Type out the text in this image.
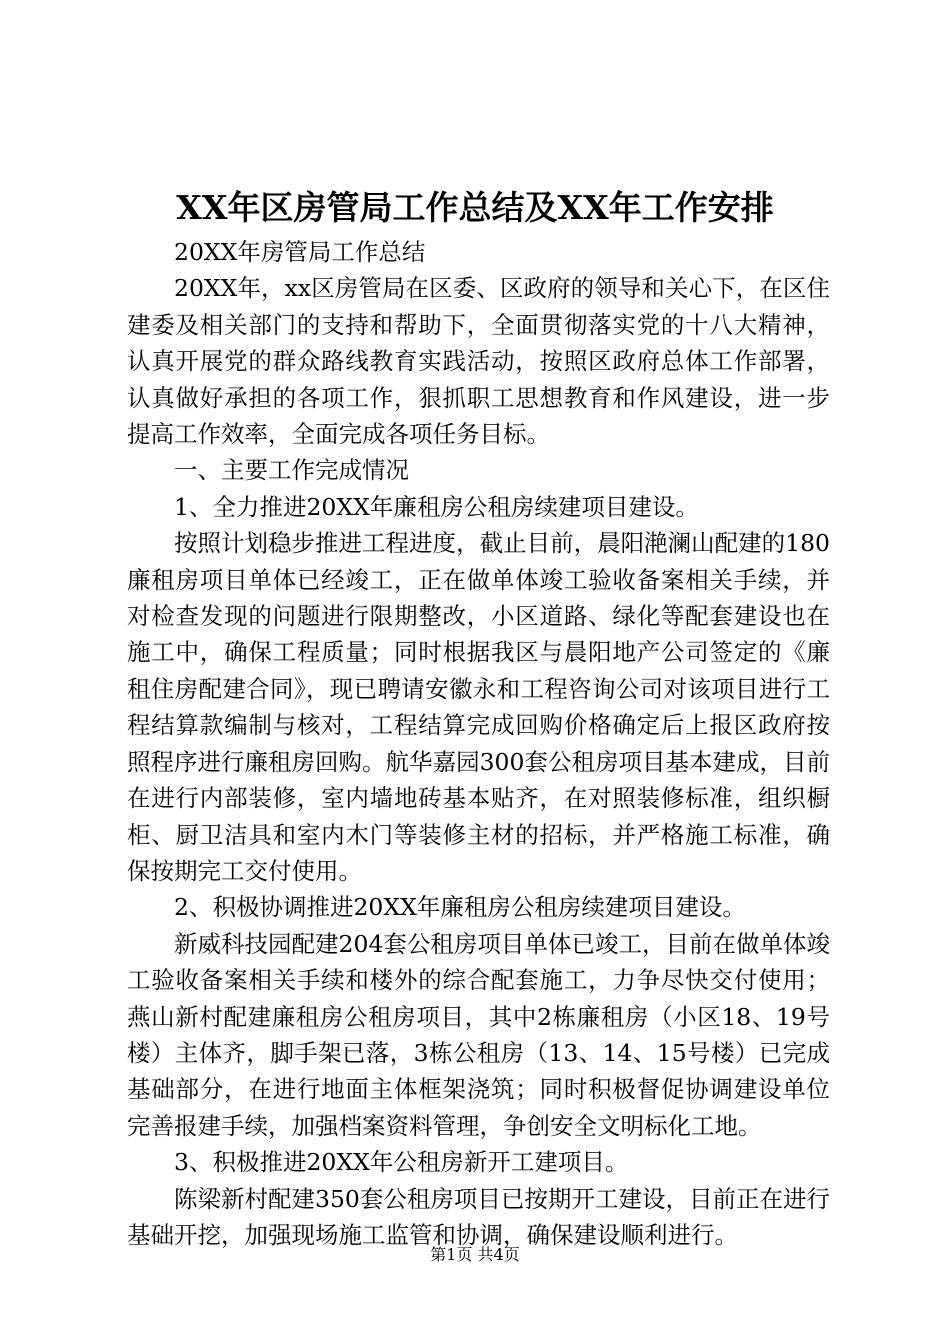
XX年区房管局工作总结及XX年工作安排

20XX年房管局工作总结

20XX年，xx区房管局在区委、区政府的领导和关心下，在区住建委及相关部门的支持和帮助下，全面贯彻落实党的十八大精神，认真开展党的群众路线教育实践活动，按照区政府总体工作部署，认真做好承担的各项工作，狠抓职工思想教育和作风建设，进一步提高工作效率，全面完成各项任务目标。

一、主要工作完成情况

1、全力推进20XX年廉租房公租房续建项目建设。

按照计划稳步推进工程进度，截止目前，晨阳滟澜山配建的180廉租房项目单体已经竣工，正在做单体竣工验收备案相关手续，并对检查发现的问题进行限期整改，小区道路、绿化等配套建设也在施工中，确保工程质量；同时根据我区与晨阳地产公司签定的《廉租住房配建合同》，现已聘请安徽永和工程咨询公司对该项目进行工程结算款编制与核对，工程结算完成回购价格确定后上报区政府按照程序进行廉租房回购。航华嘉园300套公租房项目基本建成，目前在进行内部装修，室内墙地砖基本贴齐，在对照装修标准，组织橱柜、厨卫洁具和室内木门等装修主材的招标，并严格施工标准，确保按期完工交付使用。

2、积极协调推进20XX年廉租房公租房续建项目建设。

新威科技园配建204套公租房项目单体已竣工，目前在做单体竣工验收备案相关手续和楼外的综合配套施工，力争尽快交付使用；燕山新村配建廉租房公租房项目，其中2栋廉租房（小区18、19号楼）主体齐，脚手架已落，3栋公租房（13、14、15号楼）已完成基础部分，在进行地面主体框架浇筑；同时积极督促协调建设单位完善报建手续，加强档案资料管理，争创安全文明标化工地。

3、积极推进20XX年公租房新开工建项目。

陈梁新村配建350套公租房项目已按期开工建设，目前正在进行基础开挖，加强现场施工监管和协调，确保建设顺利进行。

第1页 共4页
